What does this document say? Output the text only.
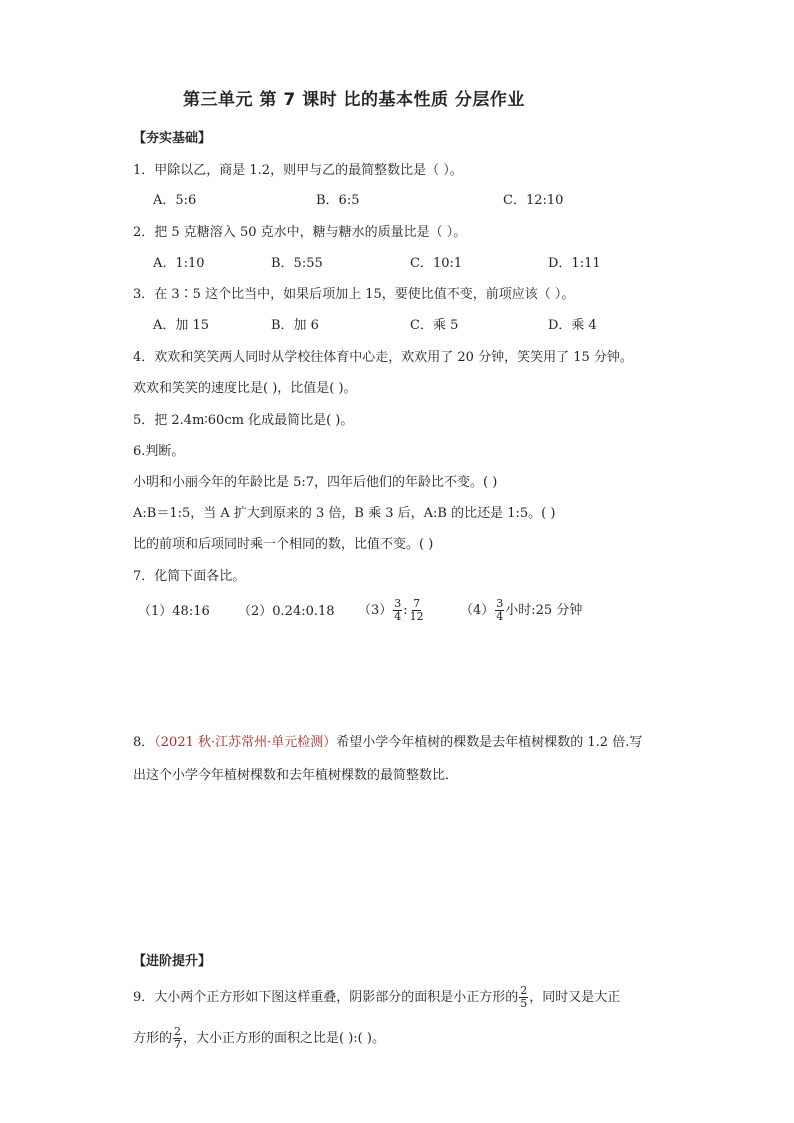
第三单元 第 7 课时 比的基本性质 分层作业
【夯实基础】
1．甲除以乙，商是 1.2，则甲与乙的最简整数比是（ ）。
A．5:6	B．6:5	C．12:10
2．把 5 克糖溶入 50 克水中，糖与糖水的质量比是（ ）。
A．1:10	B．5:55	C．10:1	D．1:11
3．在 3∶5 这个比当中，如果后项加上 15，要使比值不变，前项应该（ ）。
A．加 15	B．加 6	C．乘 5	D．乘 4
4．欢欢和笑笑两人同时从学校往体育中心走，欢欢用了 20 分钟，笑笑用了 15 分钟。
欢欢和笑笑的速度比是( )，比值是( )。
5．把 2.4m∶60cm 化成最简比是( )。
6.判断。
小明和小丽今年的年龄比是 5:7，四年后他们的年龄比不变。( )
A:B＝1:5，当 A 扩大到原来的 3 倍，B 乘 3 后，A:B 的比还是 1:5。( )
比的前项和后项同时乘一个相同的数，比值不变。( )
7．化简下面各比。
（1）48:16 （2）0.24:0.18 $(3) \frac{3}{4}$ : $\frac{7}{12}$	$(4) \frac{3}{4}$ 小时:25 分钟
8．（2021 秋·江苏常州·单元检测）希望小学今年植树的棵数是去年植树棵数的 1.2 倍.写
出这个小学今年植树棵数和去年植树棵数的最简整数比．
【进阶提升】
9．大小两个正方形如下图这样重叠，阴影部分的面积是小正方形的 $\frac{2}{5}$ ，同时又是大正
方形的 $\frac{2}{7}$ ，大小正方形的面积之比是( ):( )。
